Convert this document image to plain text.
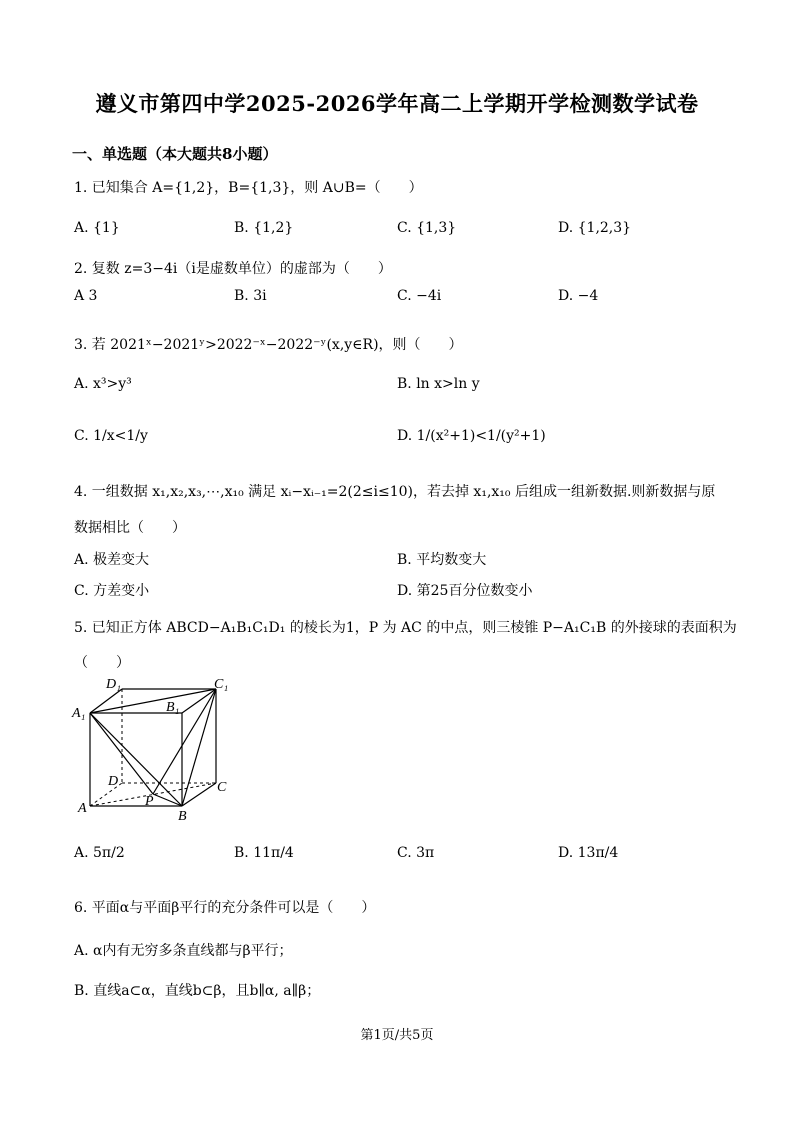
遵义市第四中学2025-2026学年高二上学期开学检测数学试卷
一、单选题（本大题共8小题）
1. 已知集合 A={1,2}，B={1,3}，则 A∪B=（　　）
A. {1}	B. {1,2}	C. {1,3}	D. {1,2,3}
2. 复数 z=3−4i（i是虚数单位）的虚部为（　　）
A 3	B. 3i	C. −4i	D. −4
3. 若 2021ˣ−2021ʸ>2022⁻ˣ−2022⁻ʸ(x,y∈R)，则（　　）
A. x³>y³	B. ln x>ln y
C. 1/x<1/y	D. 1/(x²+1)<1/(y²+1)
4. 一组数据 x₁,x₂,x₃,⋯,x₁₀ 满足 xᵢ−xᵢ₋₁=2(2≤i≤10)，若去掉 x₁,x₁₀ 后组成一组新数据.则新数据与原
数据相比（　　）
A. 极差变大	B. 平均数变大
C. 方差变小	D. 第25百分位数变小
5. 已知正方体 ABCD−A₁B₁C₁D₁ 的棱长为1，P 为 AC 的中点，则三棱锥 P−A₁C₁B 的外接球的表面积为
（　　）
D₁	C₁
A₁	B₁
D	C
A	P
B
A. 5π/2	B. 11π/4	C. 3π	D. 13π/4
6. 平面α与平面β平行的充分条件可以是（　　）
A. α内有无穷多条直线都与β平行；
B. 直线a⊂α，直线b⊂β，且b∥α, a∥β；
第1页/共5页
